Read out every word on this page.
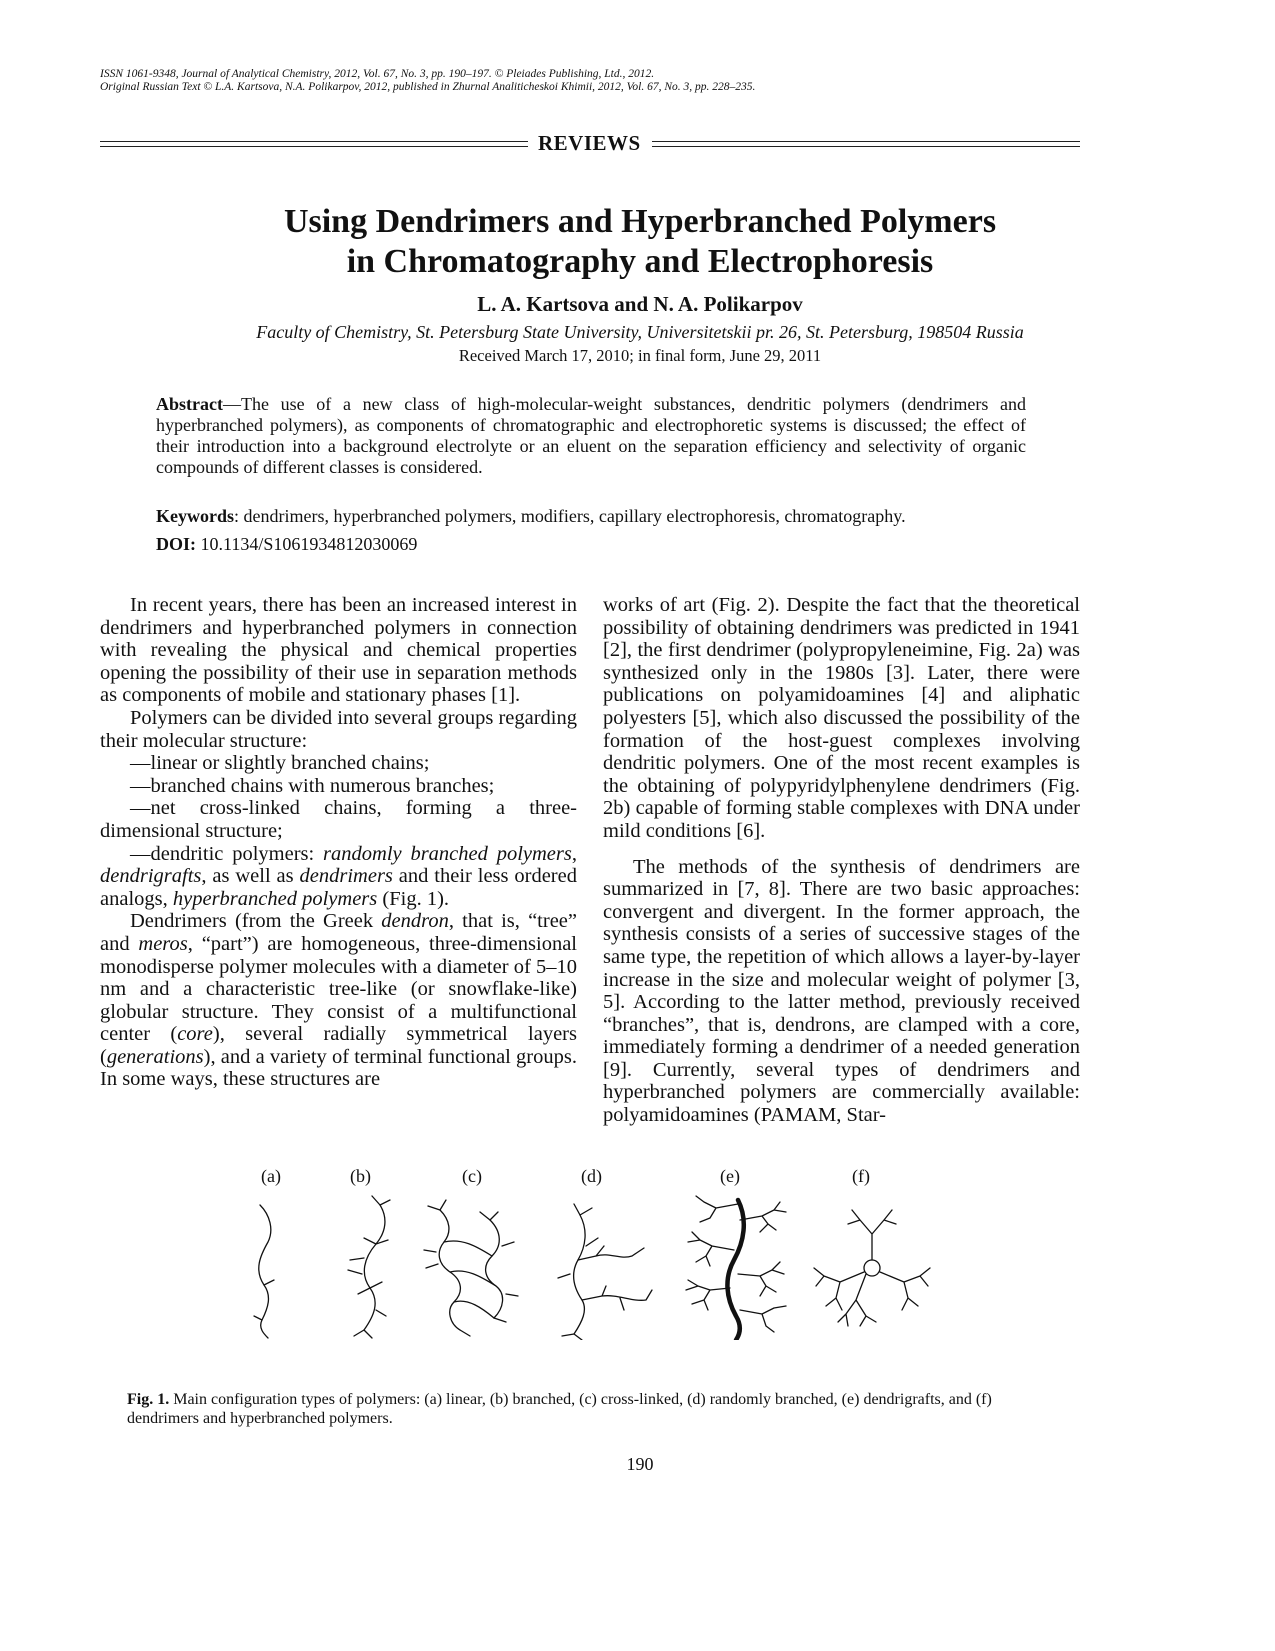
ISSN 1061-9348, Journal of Analytical Chemistry, 2012, Vol. 67, No. 3, pp. 190–197. © Pleiades Publishing, Ltd., 2012.
Original Russian Text © L.A. Kartsova, N.A. Polikarpov, 2012, published in Zhurnal Analiticheskoi Khimii, 2012, Vol. 67, No. 3, pp. 228–235.
REVIEWS
Using Dendrimers and Hyperbranched Polymers
in Chromatography and Electrophoresis
L. A. Kartsova and N. A. Polikarpov
Faculty of Chemistry, St. Petersburg State University, Universitetskii pr. 26, St. Petersburg, 198504 Russia
Received March 17, 2010; in final form, June 29, 2011
Abstract—The use of a new class of high-molecular-weight substances, dendritic polymers (dendrimers and hyperbranched polymers), as components of chromatographic and electrophoretic systems is discussed; the effect of their introduction into a background electrolyte or an eluent on the separation efficiency and selectivity of organic compounds of different classes is considered.
Keywords: dendrimers, hyperbranched polymers, modifiers, capillary electrophoresis, chromatography.
DOI: 10.1134/S1061934812030069

In recent years, there has been an increased interest in dendrimers and hyperbranched polymers in connection with revealing the physical and chemical properties opening the possibility of their use in separation methods as components of mobile and stationary phases [1].

Polymers can be divided into several groups regarding their molecular structure:

—linear or slightly branched chains;

—branched chains with numerous branches;

—net cross-linked chains, forming a three-dimensional structure;

—dendritic polymers: randomly branched polymers, dendrigrafts, as well as dendrimers and their less ordered analogs, hyperbranched polymers (Fig. 1).

Dendrimers (from the Greek dendron, that is, “tree” and meros, “part”) are homogeneous, three-dimensional monodisperse polymer molecules with a diameter of 5–10 nm and a characteristic tree-like (or snowflake-like) globular structure. They consist of a multifunctional center (core), several radially symmetrical layers (generations), and a variety of terminal functional groups. In some ways, these structures are

works of art (Fig. 2). Despite the fact that the theoretical possibility of obtaining dendrimers was predicted in 1941 [2], the first dendrimer (polypropyleneimine, Fig. 2a) was synthesized only in the 1980s [3]. Later, there were publications on polyamidoamines [4] and aliphatic polyesters [5], which also discussed the possibility of the formation of the host-guest complexes involving dendritic polymers. One of the most recent examples is the obtaining of polypyridylphenylene dendrimers (Fig. 2b) capable of forming stable complexes with DNA under mild conditions [6].

The methods of the synthesis of dendrimers are summarized in [7, 8]. There are two basic approaches: convergent and divergent. In the former approach, the synthesis consists of a series of successive stages of the same type, the repetition of which allows a layer-by-layer increase in the size and molecular weight of polymer [3, 5]. According to the latter method, previously received “branches”, that is, dendrons, are clamped with a core, immediately forming a dendrimer of a needed generation [9]. Currently, several types of dendrimers and hyperbranched polymers are commercially available: polyamidoamines (PAMAM, Star-

(a)	(b)	(c)	(d)	(e)	(f)
Fig. 1. Main configuration types of polymers: (a) linear, (b) branched, (c) cross-linked, (d) randomly branched, (e) dendrigrafts, and (f) dendrimers and hyperbranched polymers.
190
